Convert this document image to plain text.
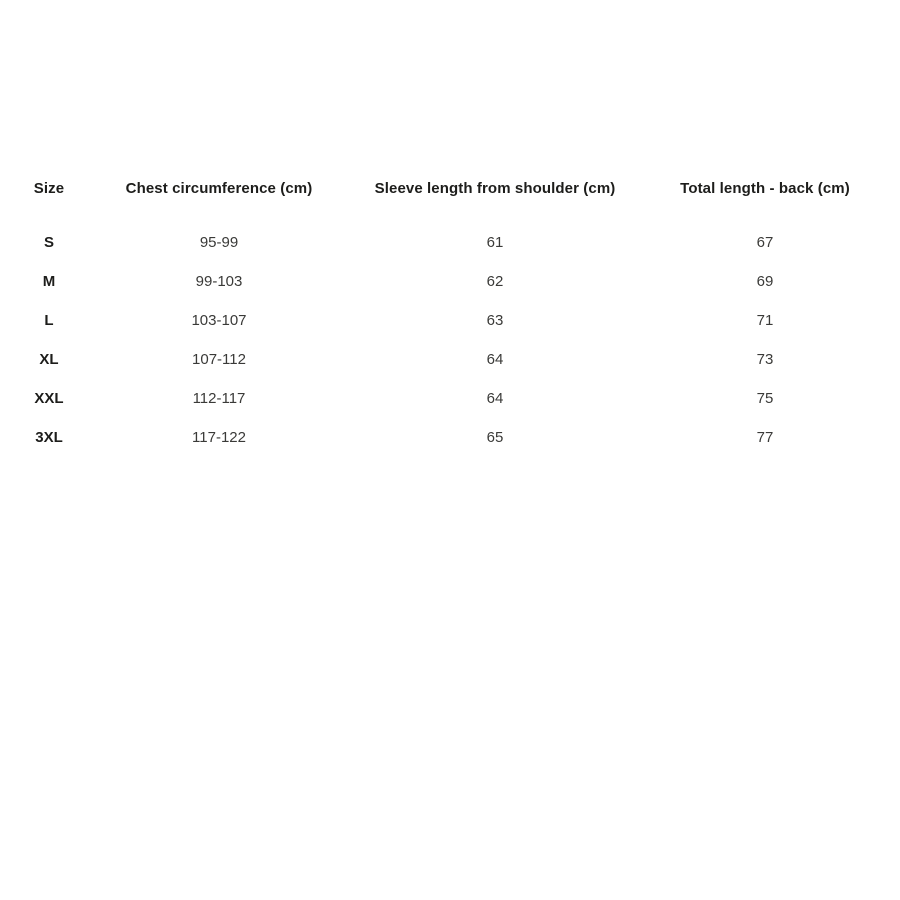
Size	Chest circumference (cm)	Sleeve length from shoulder (cm)	Total length - back (cm)
S	95-99	61	67
M	99-103	62	69
L	103-107	63	71
XL	107-112	64	73
XXL	112-117	64	75
3XL	117-122	65	77
